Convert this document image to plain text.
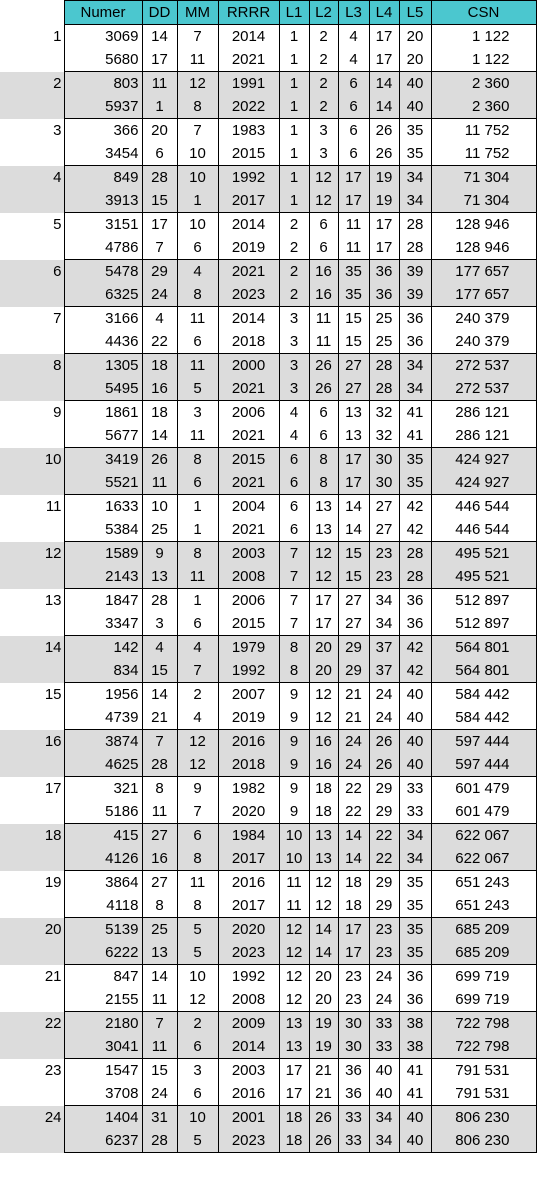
	Numer	DD	MM	RRRR	L1	L2	L3	L4	L5	CSN
1	3069	14	7	2014	1	2	4	17	20	1 122
	5680	17	11	2021	1	2	4	17	20	1 122
2	803	11	12	1991	1	2	6	14	40	2 360
	5937	1	8	2022	1	2	6	14	40	2 360
3	366	20	7	1983	1	3	6	26	35	11 752
	3454	6	10	2015	1	3	6	26	35	11 752
4	849	28	10	1992	1	12	17	19	34	71 304
	3913	15	1	2017	1	12	17	19	34	71 304
5	3151	17	10	2014	2	6	11	17	28	128 946
	4786	7	6	2019	2	6	11	17	28	128 946
6	5478	29	4	2021	2	16	35	36	39	177 657
	6325	24	8	2023	2	16	35	36	39	177 657
7	3166	4	11	2014	3	11	15	25	36	240 379
	4436	22	6	2018	3	11	15	25	36	240 379
8	1305	18	11	2000	3	26	27	28	34	272 537
	5495	16	5	2021	3	26	27	28	34	272 537
9	1861	18	3	2006	4	6	13	32	41	286 121
	5677	14	11	2021	4	6	13	32	41	286 121
10	3419	26	8	2015	6	8	17	30	35	424 927
	5521	11	6	2021	6	8	17	30	35	424 927
11	1633	10	1	2004	6	13	14	27	42	446 544
	5384	25	1	2021	6	13	14	27	42	446 544
12	1589	9	8	2003	7	12	15	23	28	495 521
	2143	13	11	2008	7	12	15	23	28	495 521
13	1847	28	1	2006	7	17	27	34	36	512 897
	3347	3	6	2015	7	17	27	34	36	512 897
14	142	4	4	1979	8	20	29	37	42	564 801
	834	15	7	1992	8	20	29	37	42	564 801
15	1956	14	2	2007	9	12	21	24	40	584 442
	4739	21	4	2019	9	12	21	24	40	584 442
16	3874	7	12	2016	9	16	24	26	40	597 444
	4625	28	12	2018	9	16	24	26	40	597 444
17	321	8	9	1982	9	18	22	29	33	601 479
	5186	11	7	2020	9	18	22	29	33	601 479
18	415	27	6	1984	10	13	14	22	34	622 067
	4126	16	8	2017	10	13	14	22	34	622 067
19	3864	27	11	2016	11	12	18	29	35	651 243
	4118	8	8	2017	11	12	18	29	35	651 243
20	5139	25	5	2020	12	14	17	23	35	685 209
	6222	13	5	2023	12	14	17	23	35	685 209
21	847	14	10	1992	12	20	23	24	36	699 719
	2155	11	12	2008	12	20	23	24	36	699 719
22	2180	7	2	2009	13	19	30	33	38	722 798
	3041	11	6	2014	13	19	30	33	38	722 798
23	1547	15	3	2003	17	21	36	40	41	791 531
	3708	24	6	2016	17	21	36	40	41	791 531
24	1404	31	10	2001	18	26	33	34	40	806 230
	6237	28	5	2023	18	26	33	34	40	806 230
